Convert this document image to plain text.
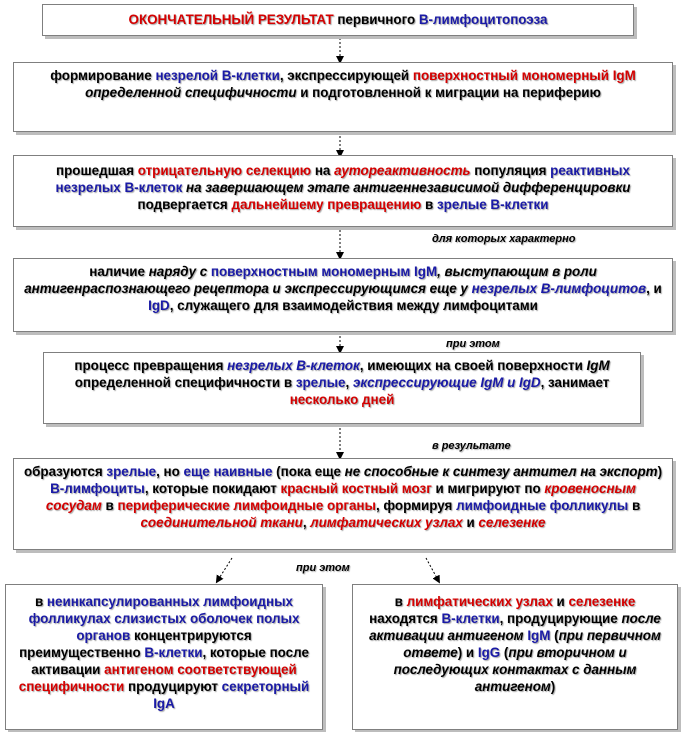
ОКОНЧАТЕЛЬНЫЙ РЕЗУЛЬТАТ первичного В-лимфоцитопоэза
формирование незрелой В-клетки, экспрессирующей поверхностный мономерный IgM определенной специфичности и подготовленной к миграции на периферию
прошедшая отрицательную селекцию на аутореактивность популяция реактивных незрелых В-клеток на завершающем этапе антигеннезависимой дифференцировки подвергается дальнейшему превращению в зрелые В-клетки
для которых характерно
наличие наряду с поверхностным мономерным IgM, выступающим в роли антигенраспознающего рецептора и экспрессирующимся еще у незрелых В-лимфоцитов, и IgD, служащего для взаимодействия между лимфоцитами
при этом
процесс превращения незрелых В-клеток, имеющих на своей поверхности IgM определенной специфичности в зрелые, экспрессирующие IgM и IgD, занимает несколько дней
в результате
образуются зрелые, но еще наивные (пока еще не способные к синтезу антител на экспорт) В-лимфоциты, которые покидают красный костный мозг и мигрируют по кровеносным сосудам в периферические лимфоидные органы, формируя лимфоидные фолликулы в соединительной ткани, лимфатических узлах и селезенке
при этом
в неинкапсулированных лимфоидных фолликулах слизистых оболочек полых органов концентрируются преимущественно В-клетки, которые после активации антигеном соответствующей специфичности продуцируют секреторный IgA
в лимфатических узлах и селезенке находятся В-клетки, продуцирующие после активации антигеном IgM (при первичном ответе) и IgG (при вторичном и последующих контактах с данным антигеном)
